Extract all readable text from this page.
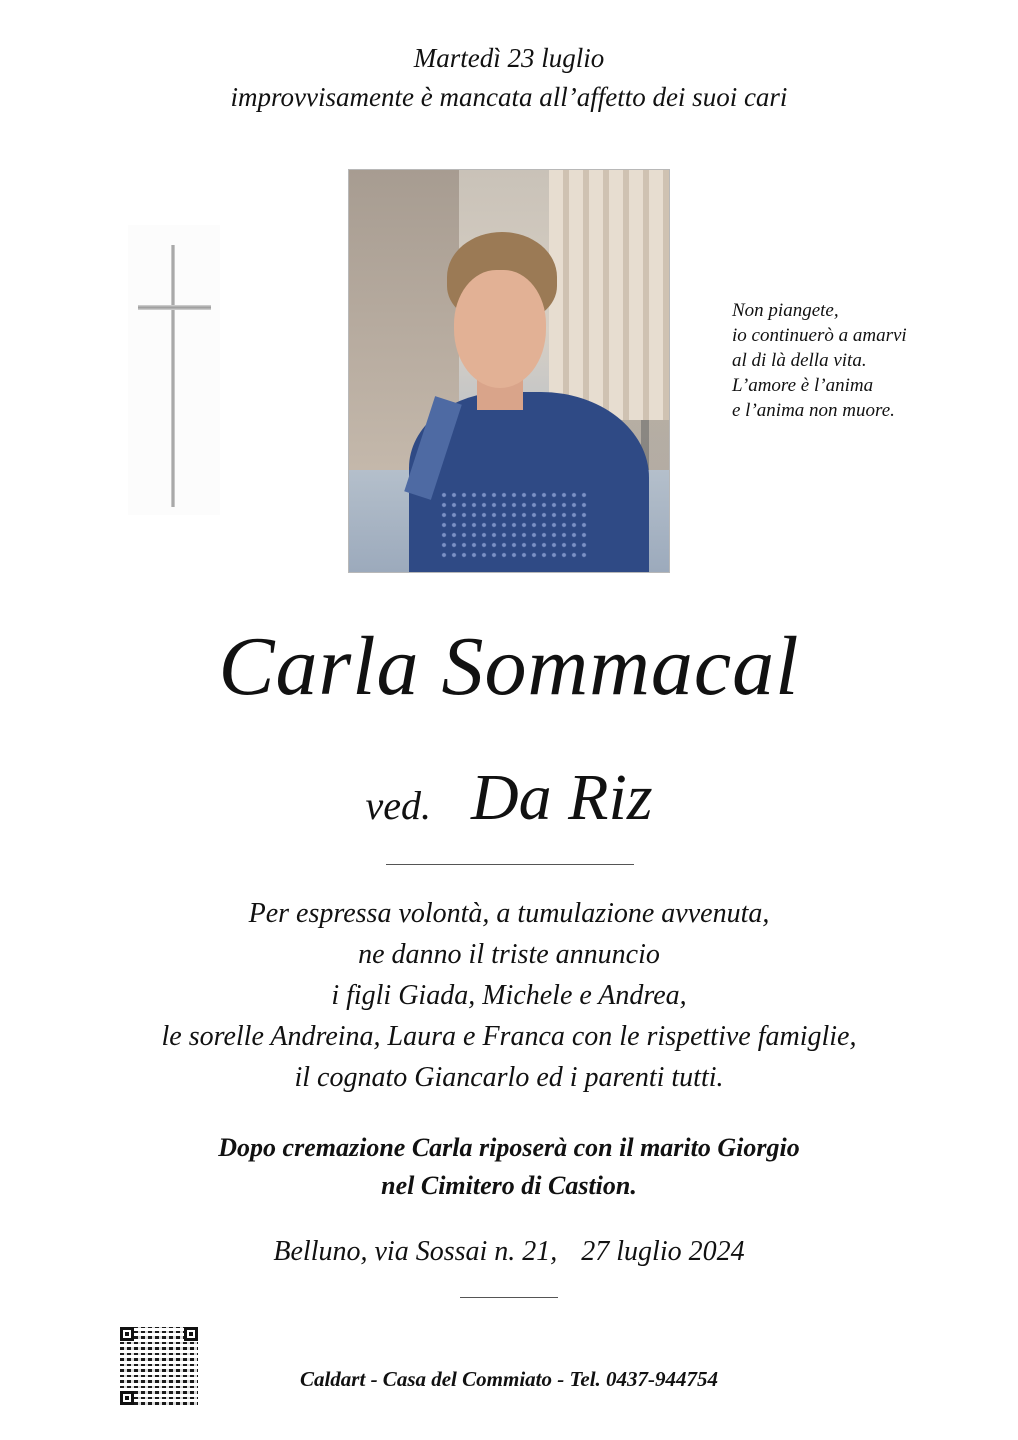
Martedì 23 luglio
improvvisamente è mancata all’affetto dei suoi cari
Non piangete,
io continuerò a amarvi
al di là della vita.
L’amore è l’anima
e l’anima non muore.
Carla Sommacal
ved. Da Riz
Per espressa volontà, a tumulazione avvenuta,
ne danno il triste annuncio
i figli Giada, Michele e Andrea,
le sorelle Andreina, Laura e Franca con le rispettive famiglie,
il cognato Giancarlo ed i parenti tutti.
Dopo cremazione Carla riposerà con il marito Giorgio
nel Cimitero di Castion.
Belluno, via Sossai n. 21, 27 luglio 2024
Caldart - Casa del Commiato - Tel. 0437-944754
